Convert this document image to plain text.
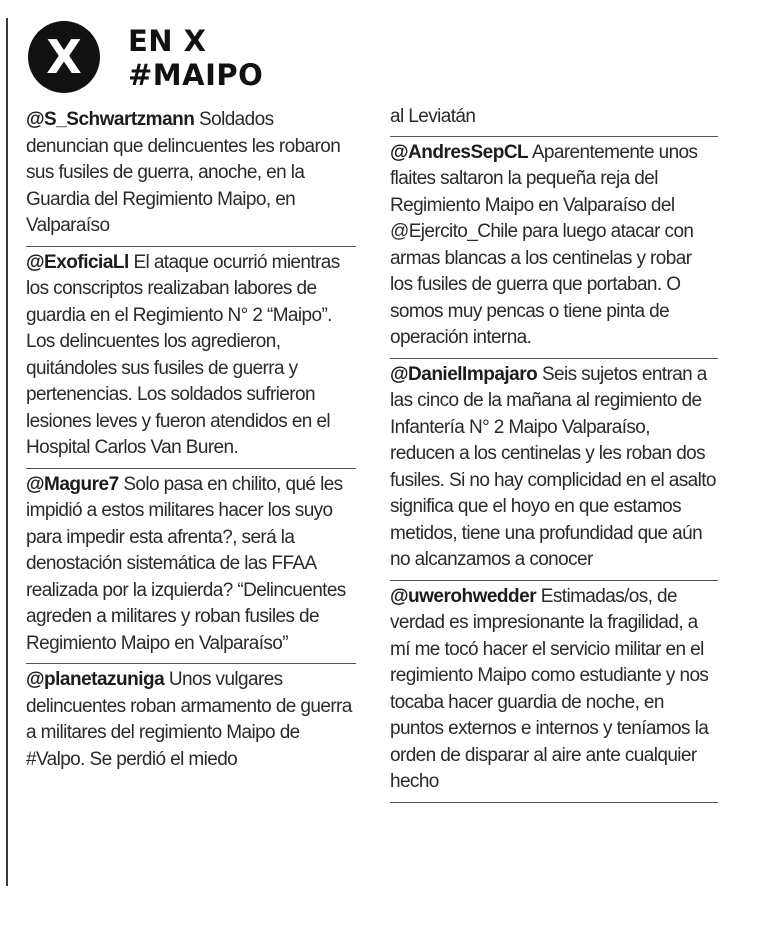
X EN X
#MAIPO
@S_Schwartzmann Soldados denuncian que delincuentes les robaron sus fusiles de guerra, anoche, en la Guardia del Regimiento Maipo, en Valparaíso
@ExoficiaLl El ataque ocurrió mientras los conscriptos realizaban labores de guardia en el Regimiento N° 2 “Maipo”. Los delincuentes los agredieron, quitándoles sus fusiles de guerra y pertenencias. Los soldados sufrieron lesiones leves y fueron atendidos en el Hospital Carlos Van Buren.
@Magure7 Solo pasa en chilito, qué les impidió a estos militares hacer los suyo para impedir esta afrenta?, será la denostación sistemática de las FFAA realizada por la izquierda? “Delincuentes agreden a militares y roban fusiles de Regimiento Maipo en Valparaíso”
@planetazuniga Unos vulgares delincuentes roban armamento de guerra a militares del regimiento Maipo de #Valpo. Se perdió el miedo
al Leviatán
@AndresSepCL Aparentemente unos flaites saltaron la pequeña reja del Regimiento Maipo en Valparaíso del @Ejercito_Chile para luego atacar con armas blancas a los centinelas y robar los fusiles de guerra que portaban. O somos muy pencas o tiene pinta de operación interna.
@DanielImpajaro Seis sujetos entran a las cinco de la mañana al regimiento de Infantería N° 2 Maipo Valparaíso, reducen a los centinelas y les roban dos fusiles. Si no hay complicidad en el asalto significa que el hoyo en que estamos metidos, tiene una profundidad que aún no alcanzamos a conocer
@uwerohwedder Estimadas/os, de verdad es impresionante la fragilidad, a mí me tocó hacer el servicio militar en el regimiento Maipo como estudiante y nos tocaba hacer guardia de noche, en puntos externos e internos y teníamos la orden de disparar al aire ante cualquier hecho
